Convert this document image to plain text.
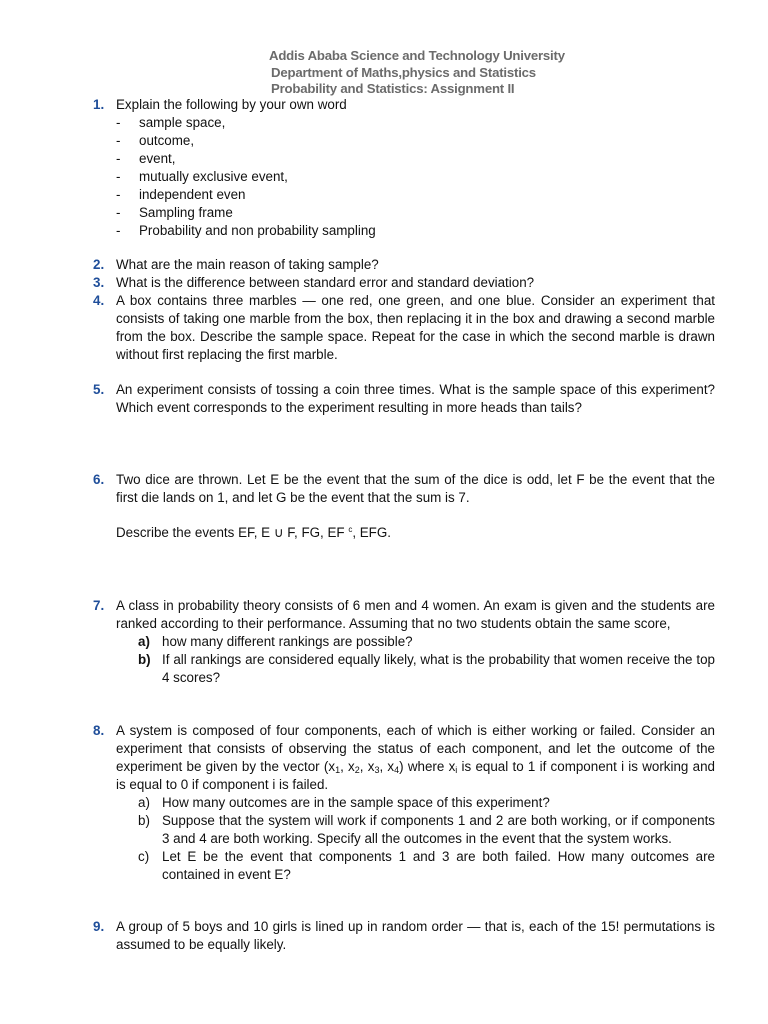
Addis Ababa Science and Technology University
Department of Maths,physics and Statistics
Probability and Statistics: Assignment II
1. Explain the following by your own word
- sample space,
- outcome,
- event,
- mutually exclusive event,
- independent even
- Sampling frame
- Probability and non probability sampling
2. What are the main reason of taking sample?
3. What is the difference between standard error and standard deviation?
4. A box contains three marbles — one red, one green, and one blue. Consider an experiment that consists of taking one marble from the box, then replacing it in the box and drawing a second marble from the box. Describe the sample space. Repeat for the case in which the second marble is drawn without first replacing the first marble.
5. An experiment consists of tossing a coin three times. What is the sample space of this experiment? Which event corresponds to the experiment resulting in more heads than tails?
6. Two dice are thrown. Let E be the event that the sum of the dice is odd, let F be the event that the first die lands on 1, and let G be the event that the sum is 7.
Describe the events EF, E ∪ F, FG, EF $^c$, EFG.
7. A class in probability theory consists of 6 men and 4 women. An exam is given and the students are ranked according to their performance. Assuming that no two students obtain the same score,
a) how many different rankings are possible?
b) If all rankings are considered equally likely, what is the probability that women receive the top 4 scores?
8. A system is composed of four components, each of which is either working or failed. Consider an experiment that consists of observing the status of each component, and let the outcome of the experiment be given by the vector ($x_1$, $x_2$, $x_3$, $x_4$) where $x_i$ is equal to 1 if component i is working and is equal to 0 if component i is failed.
a) How many outcomes are in the sample space of this experiment?
b) Suppose that the system will work if components 1 and 2 are both working, or if components 3 and 4 are both working. Specify all the outcomes in the event that the system works.
c) Let E be the event that components 1 and 3 are both failed. How many outcomes are contained in event E?
9. A group of 5 boys and 10 girls is lined up in random order — that is, each of the 15! permutations is assumed to be equally likely.
